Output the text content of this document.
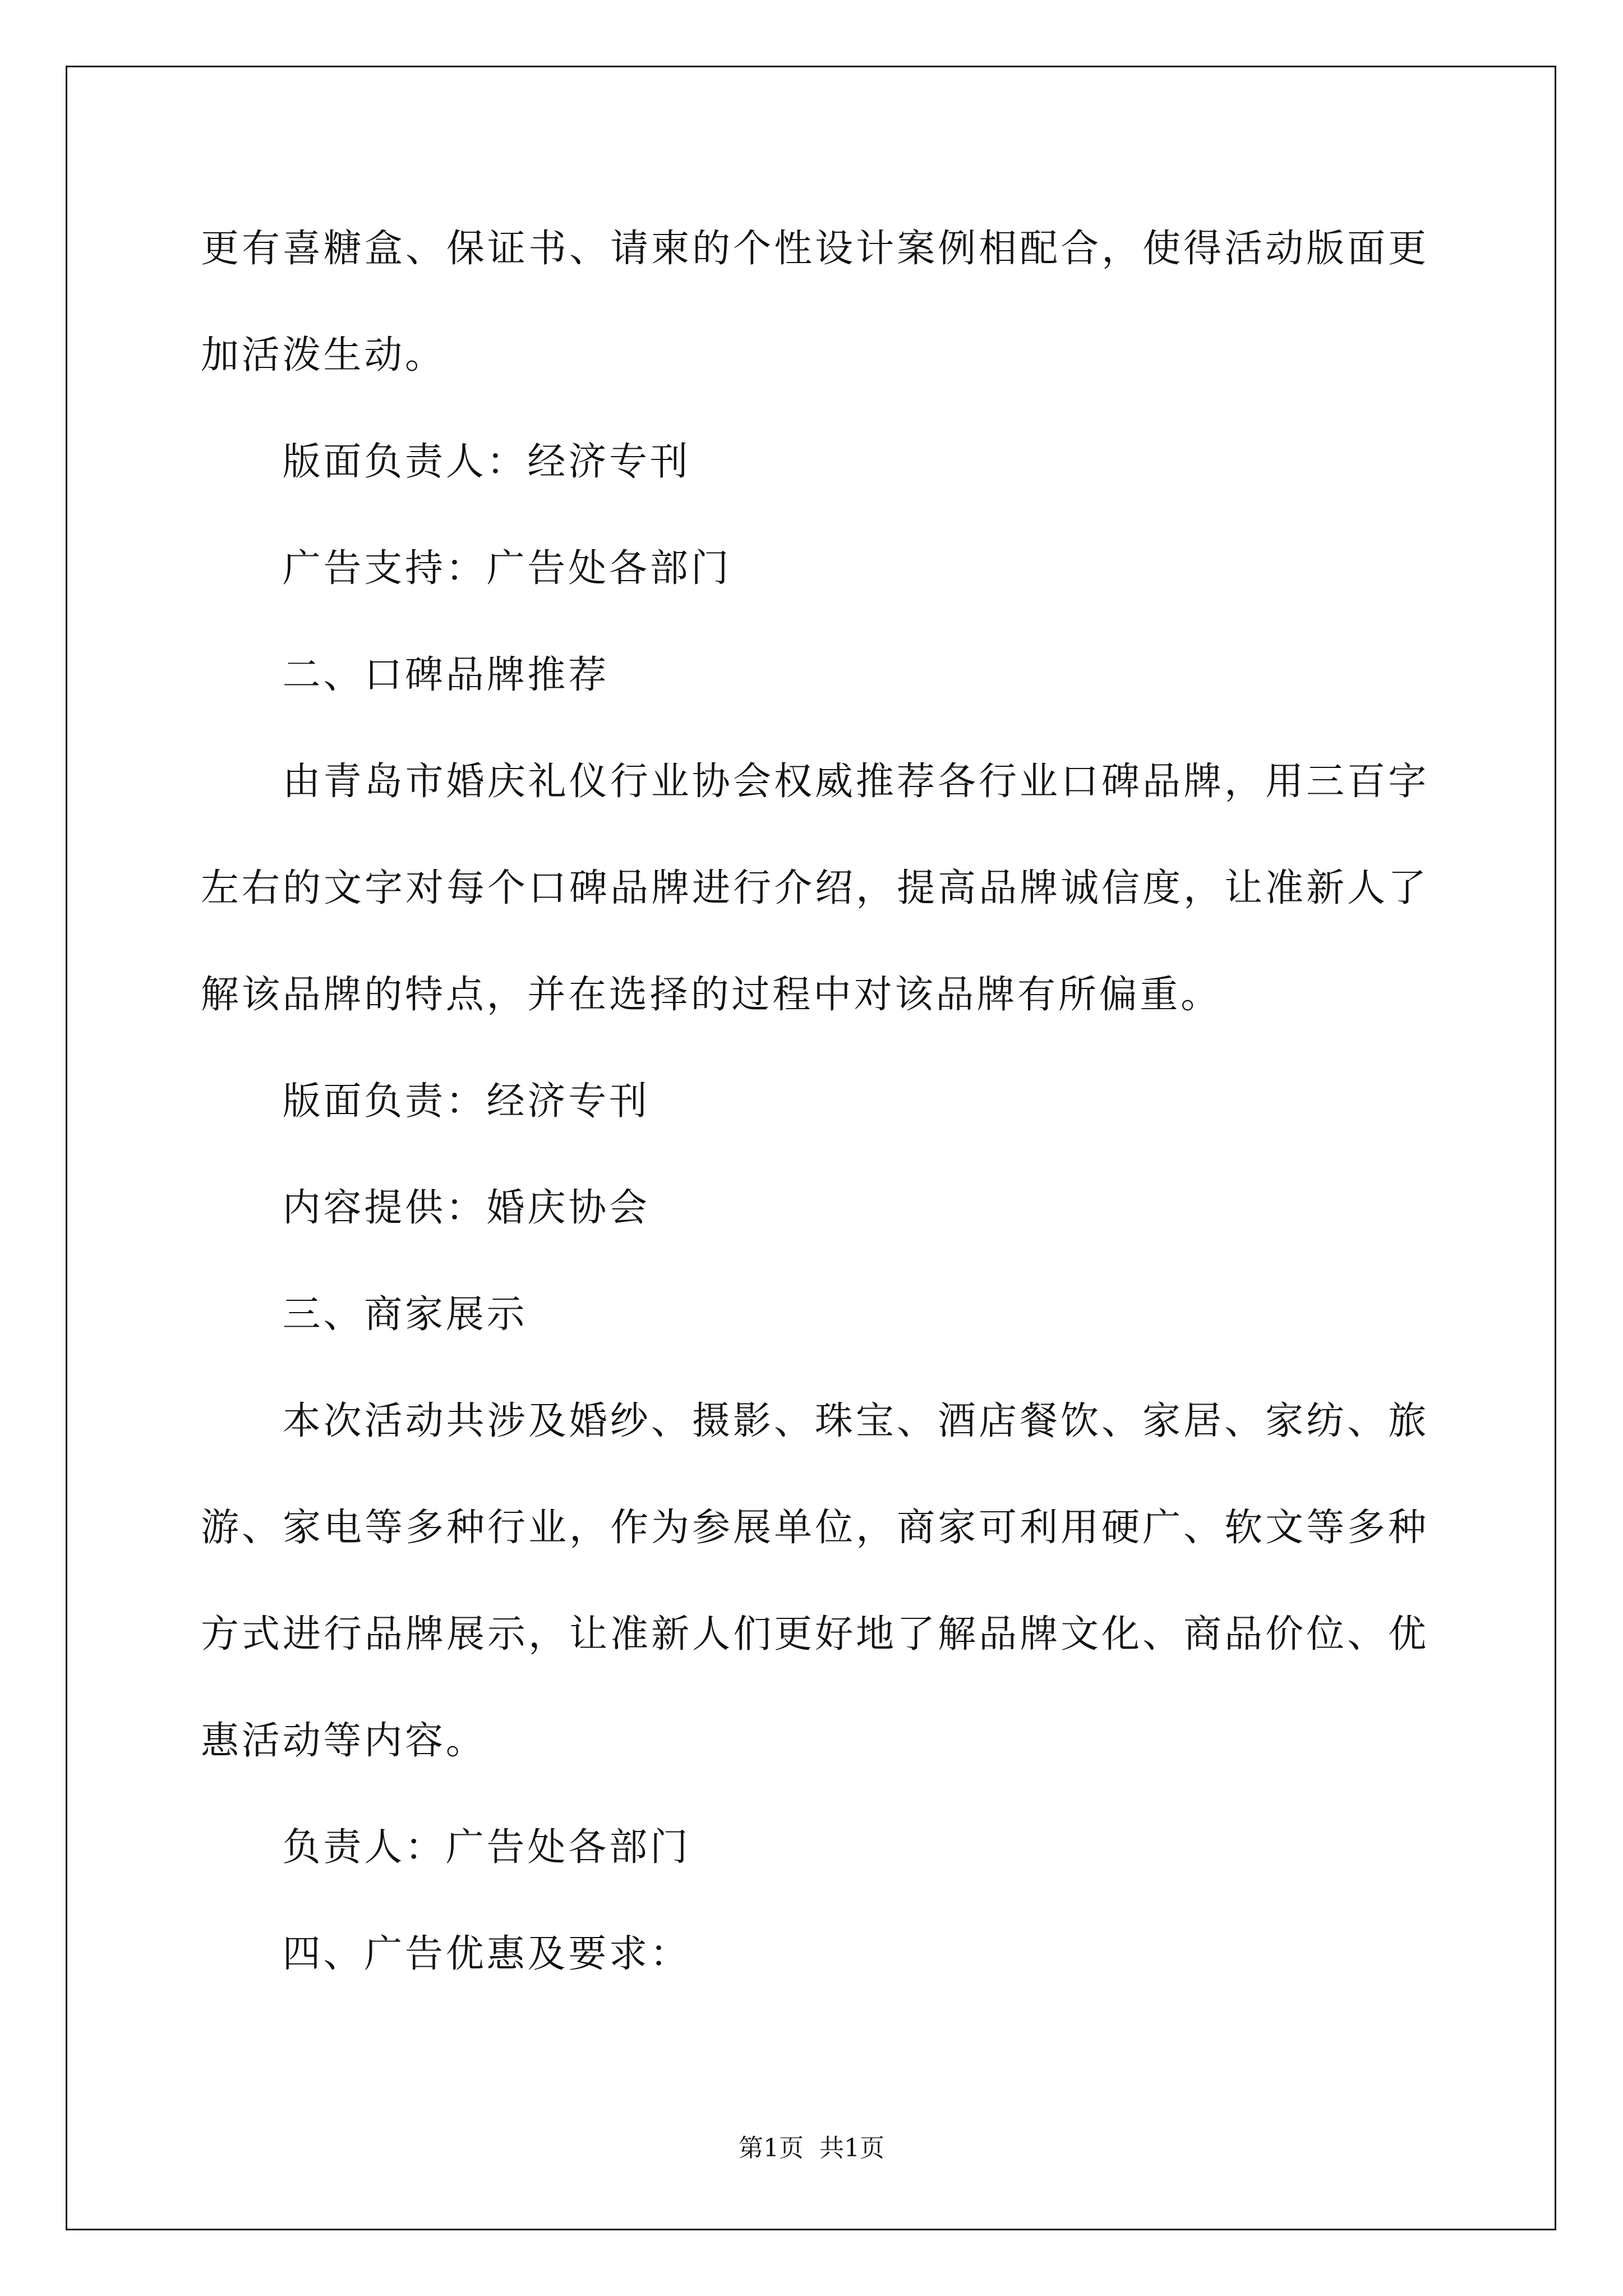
更有喜糖盒、保证书、请柬的个性设计案例相配合，使得活动版面更加活泼生动。

版面负责人：经济专刊

广告支持：广告处各部门

二、口碑品牌推荐

由青岛市婚庆礼仪行业协会权威推荐各行业口碑品牌，用三百字左右的文字对每个口碑品牌进行介绍，提高品牌诚信度，让准新人了解该品牌的特点，并在选择的过程中对该品牌有所偏重。

版面负责：经济专刊

内容提供：婚庆协会

三、商家展示

本次活动共涉及婚纱、摄影、珠宝、酒店餐饮、家居、家纺、旅游、家电等多种行业，作为参展单位，商家可利用硬广、软文等多种方式进行品牌展示，让准新人们更好地了解品牌文化、商品价位、优惠活动等内容。

负责人：广告处各部门

四、广告优惠及要求：

第1页  共1页
